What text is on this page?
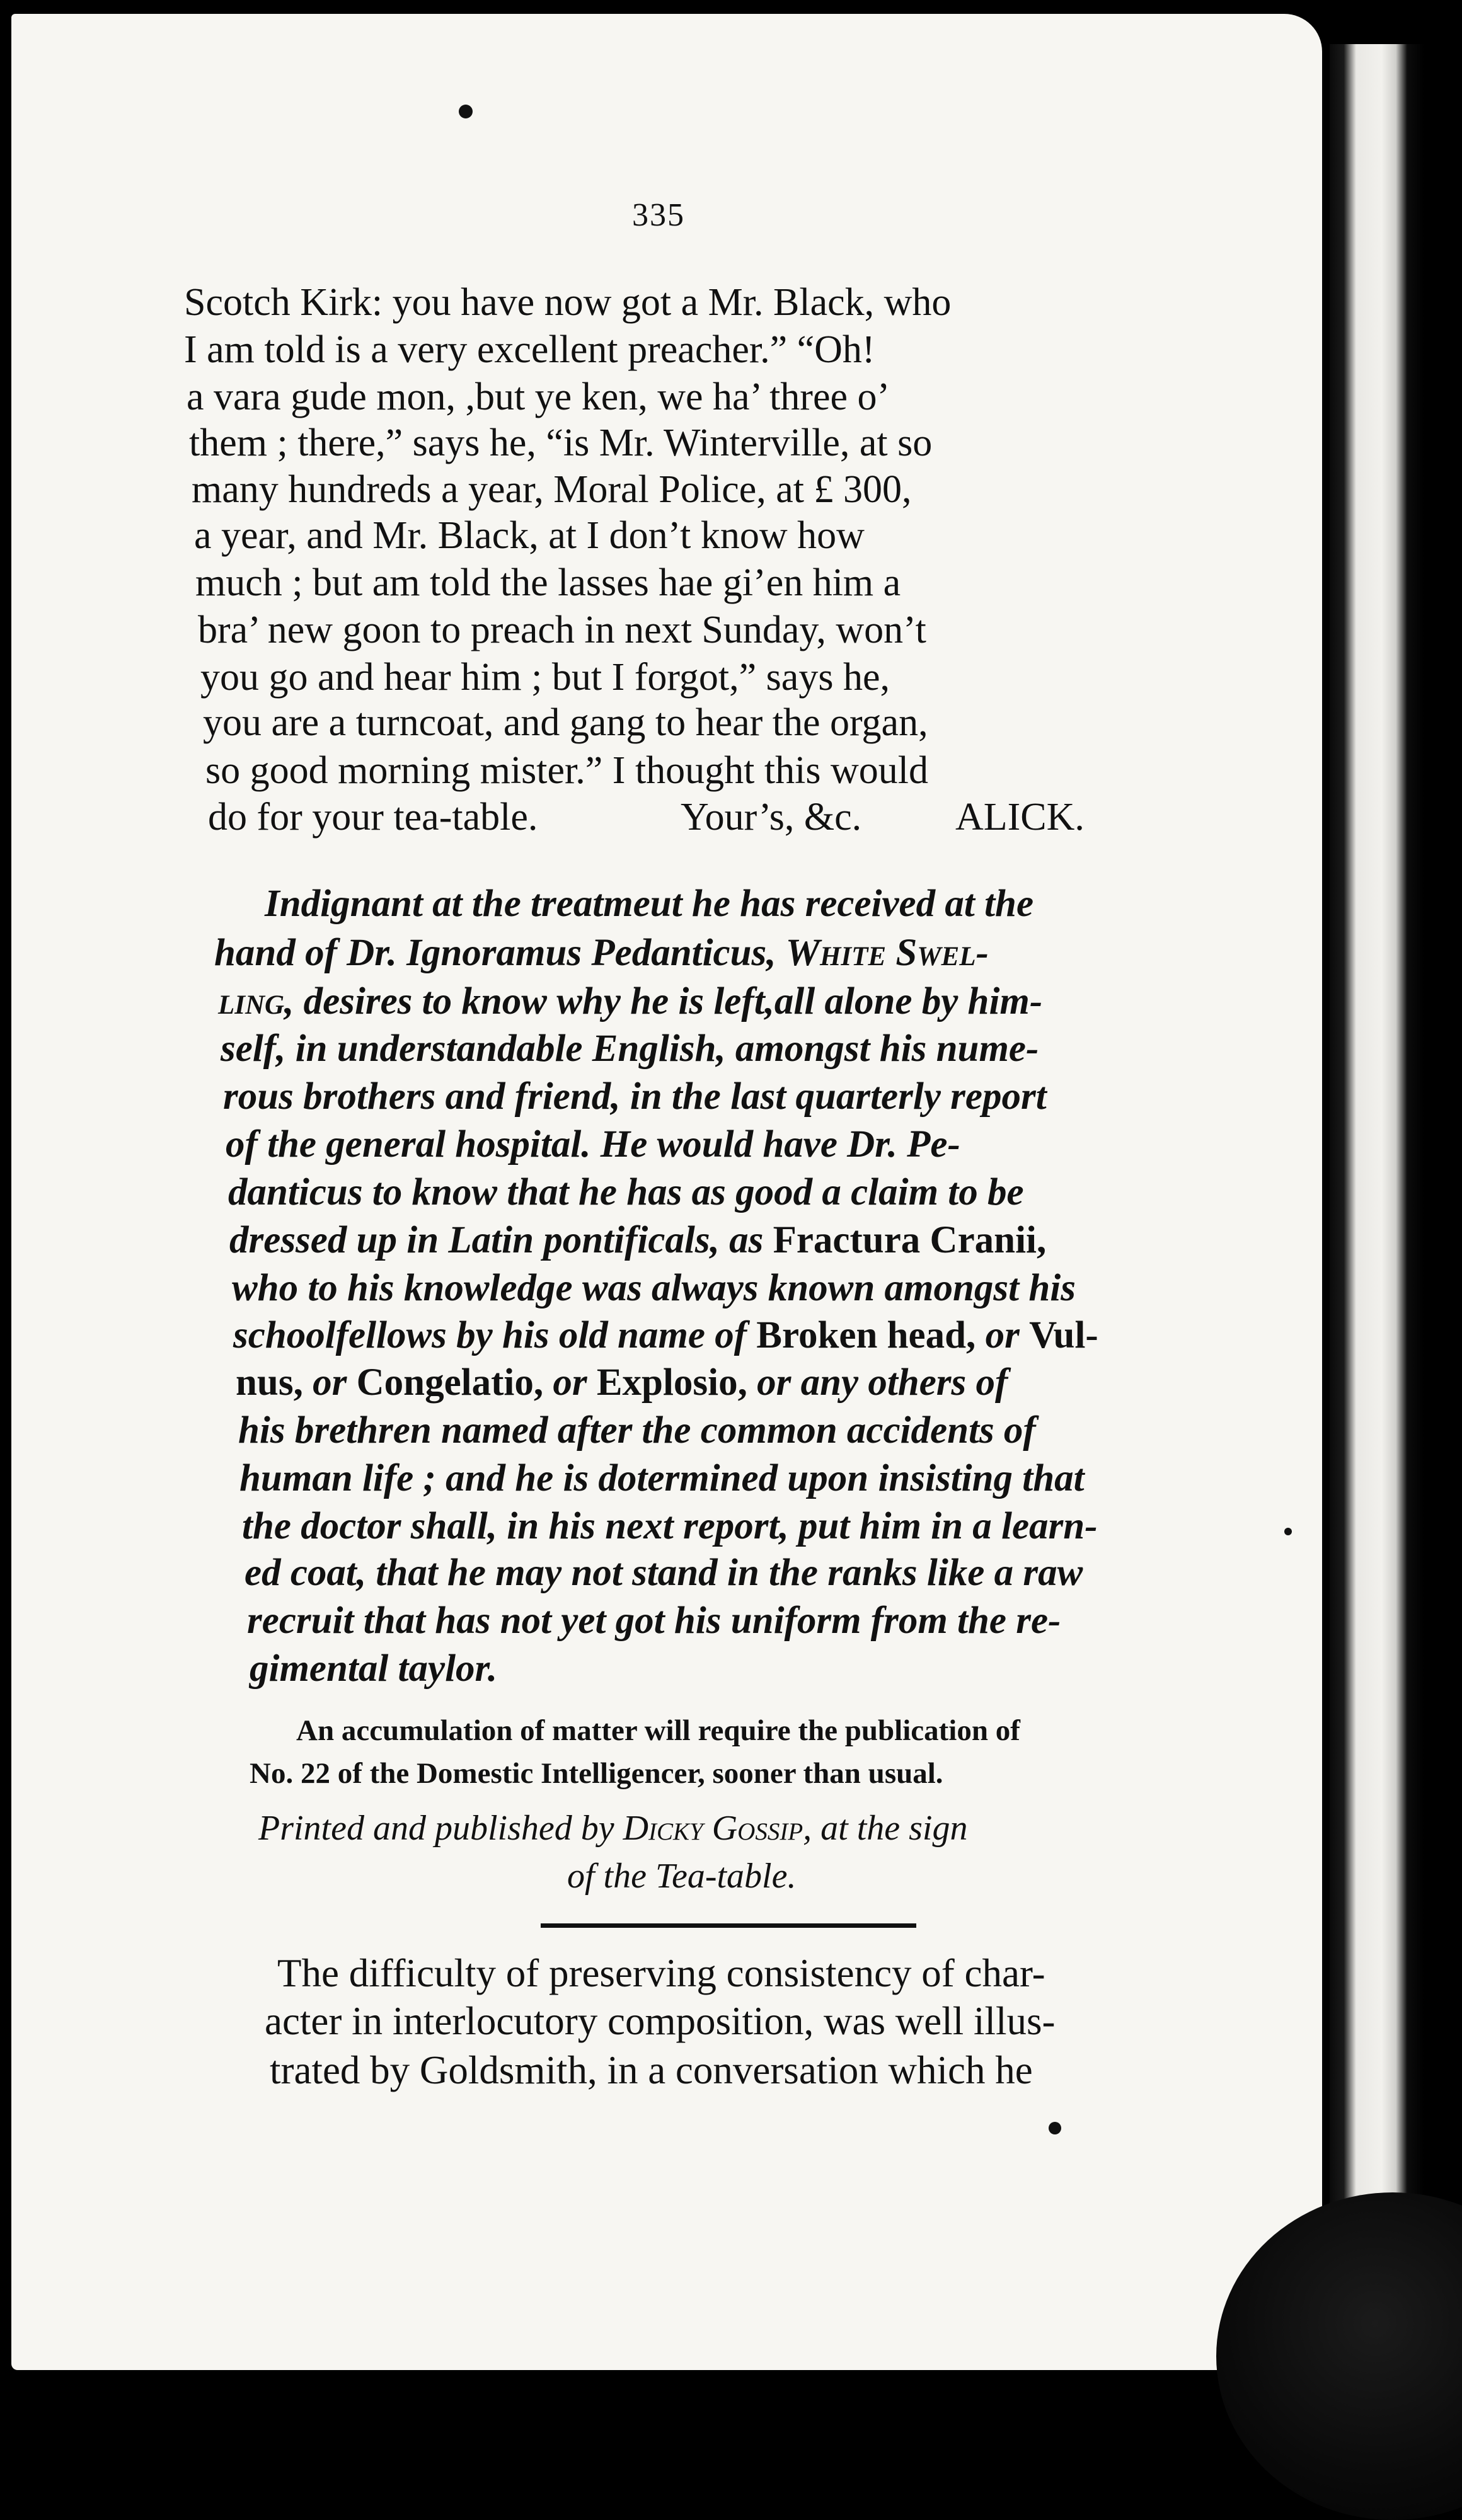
335
Scotch Kirk: you have now got a Mr. Black, who
I am told is a very excellent preacher.” “Oh!
a vara gude mon, ,but ye ken, we ha’ three o’
them ; there,” says he, “is Mr. Winterville, at so
many hundreds a year, Moral Police, at £ 300,
a year, and Mr. Black, at I don’t know how
much ; but am told the lasses hae gi’en him a
bra’ new goon to preach in next Sunday, won’t
you go and hear him ; but I forgot,” says he,
you are a turncoat, and gang to hear the organ,
so good morning mister.” I thought this would
do for your tea-table.	Your’s, &c. ALICK.
Indignant at the treatmeut he has received at the
hand of Dr. Ignoramus Pedanticus, White Swel-
ling, desires to know why he is left,all alone by him-
self, in understandable English, amongst his nume-
rous brothers and friend, in the last quarterly report
of the general hospital. He would have Dr. Pe-
danticus to know that he has as good a claim to be
dressed up in Latin pontificals, as Fractura Cranii,
who to his knowledge was always known amongst his
schoolfellows by his old name of Broken head, or Vul-
nus, or Congelatio, or Explosio, or any others of
his brethren named after the common accidents of
human life ; and he is dotermined upon insisting that
the doctor shall, in his next report, put him in a learn-
ed coat, that he may not stand in the ranks like a raw
recruit that has not yet got his uniform from the re-
gimental taylor.
An accumulation of matter will require the publication of
No. 22 of the Domestic Intelligencer, sooner than usual.
Printed and published by Dicky Gossip, at the sign
of the Tea-table.
The difficulty of preserving consistency of char-
acter in interlocutory composition, was well illus-
trated by Goldsmith, in a conversation which he
